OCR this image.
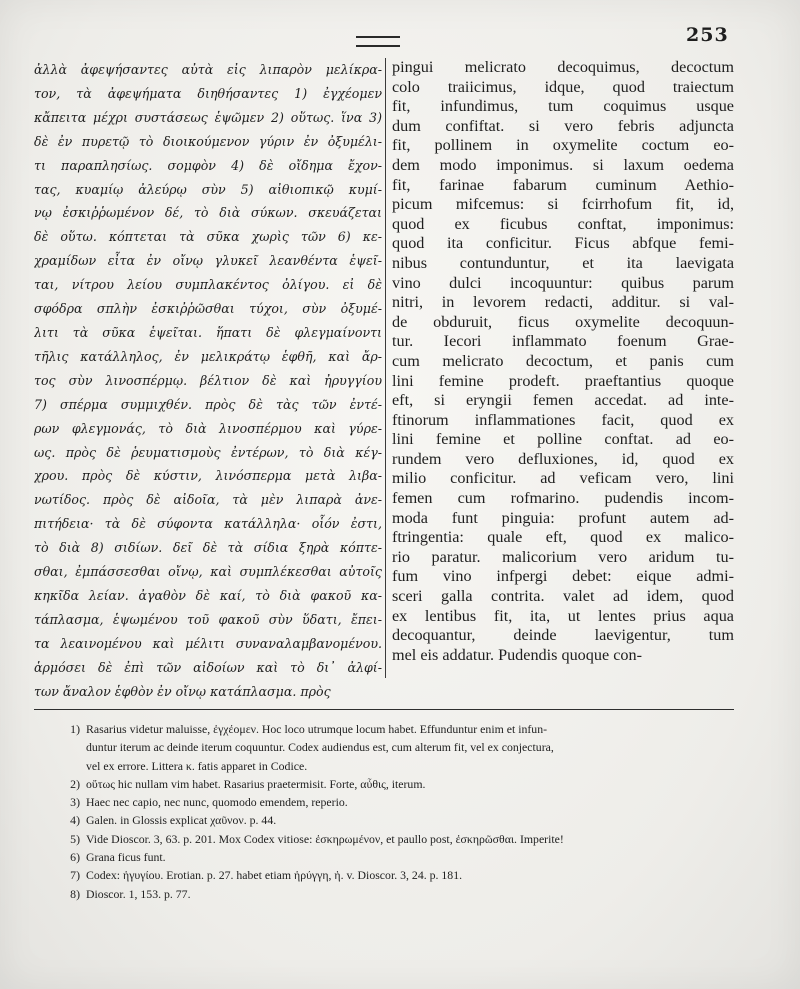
253
ἀλλὰ ἀφεψήσαντες αὐτὰ εἰς λιπαρὸν μελίκρα-
τον, τὰ ἀφεψήματα διηθήσαντες 1) ἐγχέομεν
κἄπειτα μέχρι συστάσεως ἑψῶμεν 2) οὕτως. ἵνα 3)
δὲ ἐν πυρετῷ τὸ διοικούμενον γύριν ἐν ὀξυμέλι-
τι παραπλησίως. σομφὸν 4) δὲ οἴδημα ἔχον-
τας, κυαμίῳ ἀλεύρῳ σὺν 5) αἰθιοπικῷ κυμί-
νῳ ἐσκιῤῥωμένον δέ, τὸ διὰ σύκων. σκευάζεται
δὲ οὕτω. κόπτεται τὰ σῦκα χωρὶς τῶν 6) κε-
χραμίδων εἶτα ἐν οἴνῳ γλυκεῖ λεανθέντα ἑψεῖ-
ται, νίτρου λείου συμπλακέντος ὀλίγου. εἰ δὲ
σφόδρα σπλὴν ἐσκιῤῥῶσθαι τύχοι, σὺν ὀξυμέ-
λιτι τὰ σῦκα ἑψεῖται. ἥπατι δὲ φλεγμαίνοντι
τῆλις κατάλληλος, ἐν μελικράτῳ ἑφθῆ, καὶ ἄρ-
τος σὺν λινοσπέρμῳ. βέλτιον δὲ καὶ ἠρυγγίου
7) σπέρμα συμμιχθέν. πρὸς δὲ τὰς τῶν ἐντέ-
ρων φλεγμονάς, τὸ διὰ λινοσπέρμου καὶ γύρε-
ως. πρὸς δὲ ῥευματισμοὺς ἐντέρων, τὸ διὰ κέγ-
χρου. πρὸς δὲ κύστιν, λινόσπερμα μετὰ λιβα-
νωτίδος. πρὸς δὲ αἰδοῖα, τὰ μὲν λιπαρὰ ἀνε-
πιτήδεια· τὰ δὲ σύφοντα κατάλληλα· οἷόν ἐστι,
τὸ διὰ 8) σιδίων. δεῖ δὲ τὰ σίδια ξηρὰ κόπτε-
σθαι, ἐμπάσσεσθαι οἴνῳ, καὶ συμπλέκεσθαι αὐτοῖς
κηκῖδα λείαν. ἀγαθὸν δὲ καί, τὸ διὰ φακοῦ κα-
τάπλασμα, ἑψωμένου τοῦ φακοῦ σὺν ὕδατι, ἔπει-
τα λεαινομένου καὶ μέλιτι συναναλαμβανομένου.
ἁρμόσει δὲ ἐπὶ τῶν αἰδοίων καὶ τὸ δι᾽ ἀλφί-
των ἄναλον ἑφθὸν ἐν οἴνῳ κατάπλασμα. πρὸς
pingui melicrato decoquimus, decoctum
colo traiicimus, idque, quod traiectum
fit, infundimus, tum coquimus usque
dum confiftat. si vero febris adjuncta
fit, pollinem in oxymelite coctum eo-
dem modo imponimus. si laxum oedema
fit, farinae fabarum cuminum Aethio-
picum mifcemus: si fcirrhofum fit, id,
quod ex ficubus conftat, imponimus:
quod ita conficitur. Ficus abfque femi-
nibus contunduntur, et ita laevigata
vino dulci incoquuntur: quibus parum
nitri, in levorem redacti, additur. si val-
de obduruit, ficus oxymelite decoquun-
tur. Iecori inflammato foenum Grae-
cum melicrato decoctum, et panis cum
lini femine prodeft. praeftantius quoque
eft, si eryngii femen accedat. ad inte-
ftinorum inflammationes facit, quod ex
lini femine et polline conftat. ad eo-
rundem vero defluxiones, id, quod ex
milio conficitur. ad veficam vero, lini
femen cum rofmarino. pudendis incom-
moda funt pinguia: profunt autem ad-
ftringentia: quale eft, quod ex malico-
rio paratur. malicorium vero aridum tu-
fum vino infpergi debet: eique admi-
sceri galla contrita. valet ad idem, quod
ex lentibus fit, ita, ut lentes prius aqua
decoquantur, deinde laevigentur, tum
mel eis addatur. Pudendis quoque con-
1) Rasarius videtur maluisse, ἐγχέομεν. Hoc loco utrumque locum habet. Effunduntur enim et infun-
duntur iterum ac deinde iterum coquuntur. Codex audiendus est, cum alterum fit, vel ex conjectura,
vel ex errore. Littera κ. fatis apparet in Codice.
2) οὕτως hic nullam vim habet. Rasarius praetermisit. Forte, αὖθις, iterum.
3) Haec nec capio, nec nunc, quomodo emendem, reperio.
4) Galen. in Glossis explicat χαῦνον. p. 44.
5) Vide Dioscor. 3, 63. p. 201. Mox Codex vitiose: ἐσκηρωμένον, et paullo post, ἐσκηρῶσθαι. Imperite!
6) Grana ficus funt.
7) Codex: ἠγυγίου. Erotian. p. 27. habet etiam ἠρύγγη, ἡ. v. Dioscor. 3, 24. p. 181.
8) Dioscor. 1, 153. p. 77.
